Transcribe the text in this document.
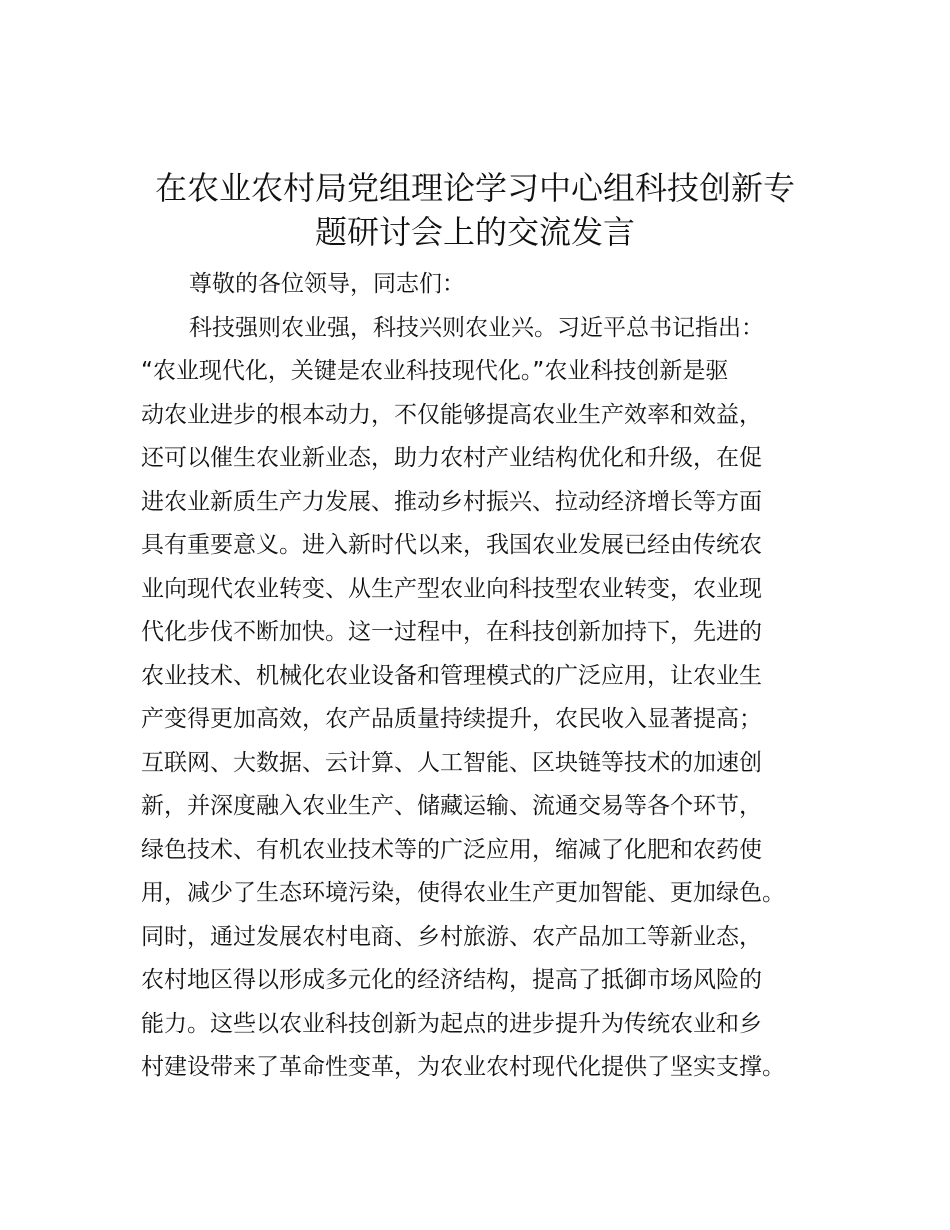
在农业农村局党组理论学习中心组科技创新专
题研讨会上的交流发言
尊敬的各位领导，同志们：
科技强则农业强，科技兴则农业兴。习近平总书记指出：
“农业现代化，关键是农业科技现代化。”农业科技创新是驱
动农业进步的根本动力，不仅能够提高农业生产效率和效益，
还可以催生农业新业态，助力农村产业结构优化和升级，在促
进农业新质生产力发展、推动乡村振兴、拉动经济增长等方面
具有重要意义。进入新时代以来，我国农业发展已经由传统农
业向现代农业转变、从生产型农业向科技型农业转变，农业现
代化步伐不断加快。这一过程中，在科技创新加持下，先进的
农业技术、机械化农业设备和管理模式的广泛应用，让农业生
产变得更加高效，农产品质量持续提升，农民收入显著提高；
互联网、大数据、云计算、人工智能、区块链等技术的加速创
新，并深度融入农业生产、储藏运输、流通交易等各个环节，
绿色技术、有机农业技术等的广泛应用，缩减了化肥和农药使
用，减少了生态环境污染，使得农业生产更加智能、更加绿色。
同时，通过发展农村电商、乡村旅游、农产品加工等新业态，
农村地区得以形成多元化的经济结构，提高了抵御市场风险的
能力。这些以农业科技创新为起点的进步提升为传统农业和乡
村建设带来了革命性变革，为农业农村现代化提供了坚实支撑。
